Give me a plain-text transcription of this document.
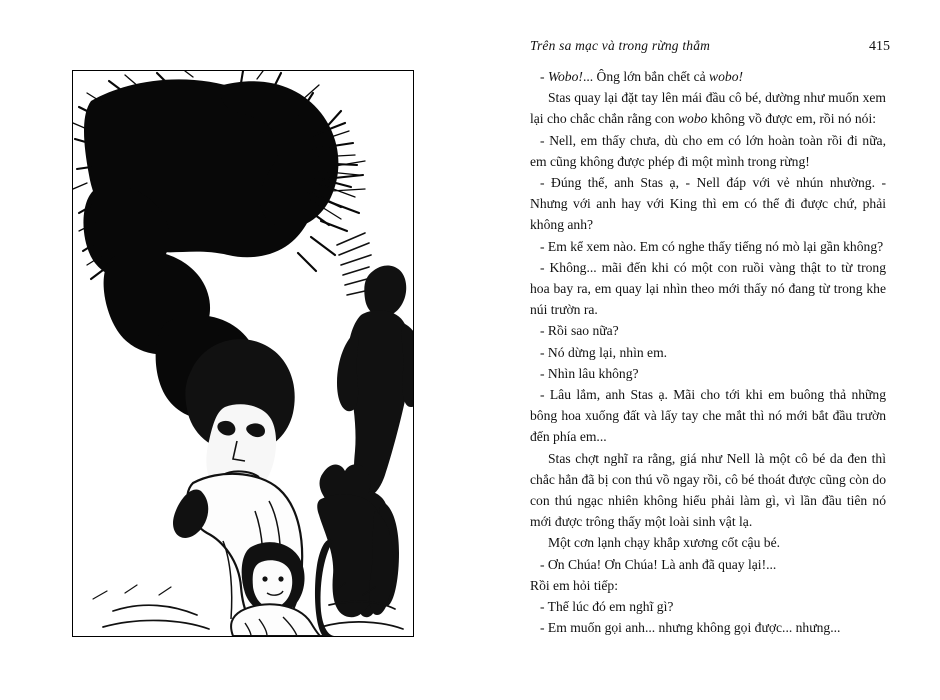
Trên sa mạc và trong rừng thẳm	415

- Wobo!... Ông lớn bắn chết cả wobo!

Stas quay lại đặt tay lên mái đầu cô bé, dường như muốn xem lại cho chắc chắn rằng con wobo không vồ được em, rồi nó nói:

- Nell, em thấy chưa, dù cho em có lớn hoàn toàn rồi đi nữa, em cũng không được phép đi một mình trong rừng!

- Đúng thế, anh Stas ạ, - Nell đáp với vẻ nhún nhường. - Nhưng với anh hay với King thì em có thể đi được chứ, phải không anh?

- Em kể xem nào. Em có nghe thấy tiếng nó mò lại gần không?

- Không... mãi đến khi có một con ruồi vàng thật to từ trong hoa bay ra, em quay lại nhìn theo mới thấy nó đang từ trong khe núi trườn ra.

- Rồi sao nữa?

- Nó dừng lại, nhìn em.

- Nhìn lâu không?

- Lâu lắm, anh Stas ạ. Mãi cho tới khi em buông thả những bông hoa xuống đất và lấy tay che mắt thì nó mới bắt đầu trườn đến phía em...

Stas chợt nghĩ ra rằng, giá như Nell là một cô bé da đen thì chắc hẳn đã bị con thú vồ ngay rồi, cô bé thoát được cũng còn do con thú ngạc nhiên không hiểu phải làm gì, vì lần đầu tiên nó mới được trông thấy một loài sinh vật lạ.

Một cơn lạnh chạy khắp xương cốt cậu bé.

- Ơn Chúa! Ơn Chúa! Là anh đã quay lại!...

Rồi em hỏi tiếp:

- Thế lúc đó em nghĩ gì?

- Em muốn gọi anh... nhưng không gọi được... nhưng...
